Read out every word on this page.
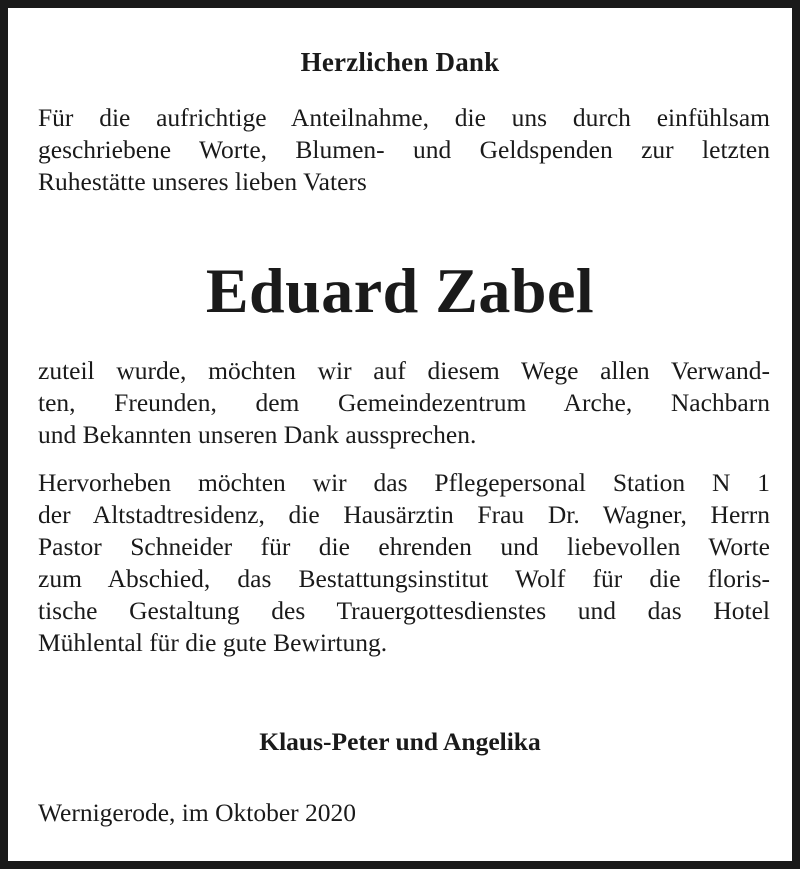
Herzlichen Dank
Für die aufrichtige Anteilnahme, die uns durch einfühlsam
geschriebene Worte, Blumen- und Geldspenden zur letzten
Ruhestätte unseres lieben Vaters
Eduard Zabel
zuteil wurde, möchten wir auf diesem Wege allen Verwand-
ten, Freunden, dem Gemeindezentrum Arche, Nachbarn
und Bekannten unseren Dank aussprechen.
Hervorheben möchten wir das Pflegepersonal Station N 1
der Altstadtresidenz, die Hausärztin Frau Dr. Wagner, Herrn
Pastor Schneider für die ehrenden und liebevollen Worte
zum Abschied, das Bestattungsinstitut Wolf für die floris-
tische Gestaltung des Trauergottesdienstes und das Hotel
Mühlental für die gute Bewirtung.
Klaus-Peter und Angelika
Wernigerode, im Oktober 2020
